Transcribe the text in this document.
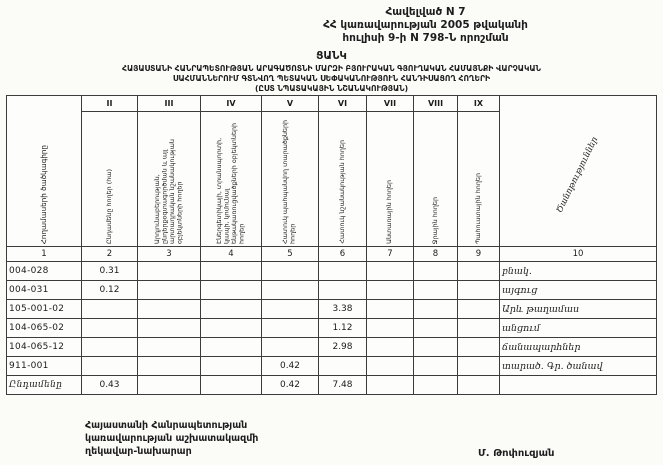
Հավելված N 7
ՀՀ կառավարության 2005 թվականի
հուլիսի 9-ի N 798-Ն որոշման
ՑԱՆԿ
ՀԱՅԱՍՏԱՆԻ ՀԱՆՐԱՊԵՏՈՒԹՅԱՆ ԱՐԱԳԱԾՈՏՆԻ ՄԱՐԶԻ ԲՅՈՒՐԱԿԱՆ ԳՅՈՒՂԱԿԱՆ ՀԱՄԱՅՆՔԻ ՎԱՐՉԱԿԱՆ
ՍԱՀՄԱՆՆԵՐՈՒՄ ԳՏՆՎՈՂ ՊԵՏԱԿԱՆ ՍԵՓԱԿԱՆՈՒԹՅՈՒՆ ՀԱՆԴԻՍԱՑՈՂ ՀՈՂԵՐԻ
(ԸՍՏ ՆՊԱՏԱԿԱՅԻՆ ՆՇԱՆԱԿՈՒԹՅԱՆ)
Հողամասերի ծածկագիրը	II	III	IV	V	VI	VII	VIII	IX	Ծանոթություններ

	Ընդամենը հողեր (հա)	Արդյունաբերության, ընդերքօգտագործման և այլ արտադրական նշանակության օբյեկտների հողեր	Էներգետիկայի, տրանսպորտի, կապի, կոմունալ ենթակառուցվածքների օբյեկտների հողեր	Հատուկ պահպանվող տարածքների հողեր	Հատուկ նշանակության հողեր	Անտառային հողեր	Ջրային հողեր	Պահուստային հողեր	

1	2	3	4	5	6	7	8	9	10
004-028	0.31								բնակ.
004-031	0.12								այգուց
105-001-02					3.38				Արև թաղամաս
104-065-02					1.12				անցում
104-065-12					2.98				ճանապարհներ
911-001				0.42					տարած. Գր. ծանավ
Ընդամենը	0.43			0.42	7.48				
Հայաստանի Հանրապետության
կառավարության աշխատակազմի
ղեկավար-նախարար	Մ. Թոփուզյան
